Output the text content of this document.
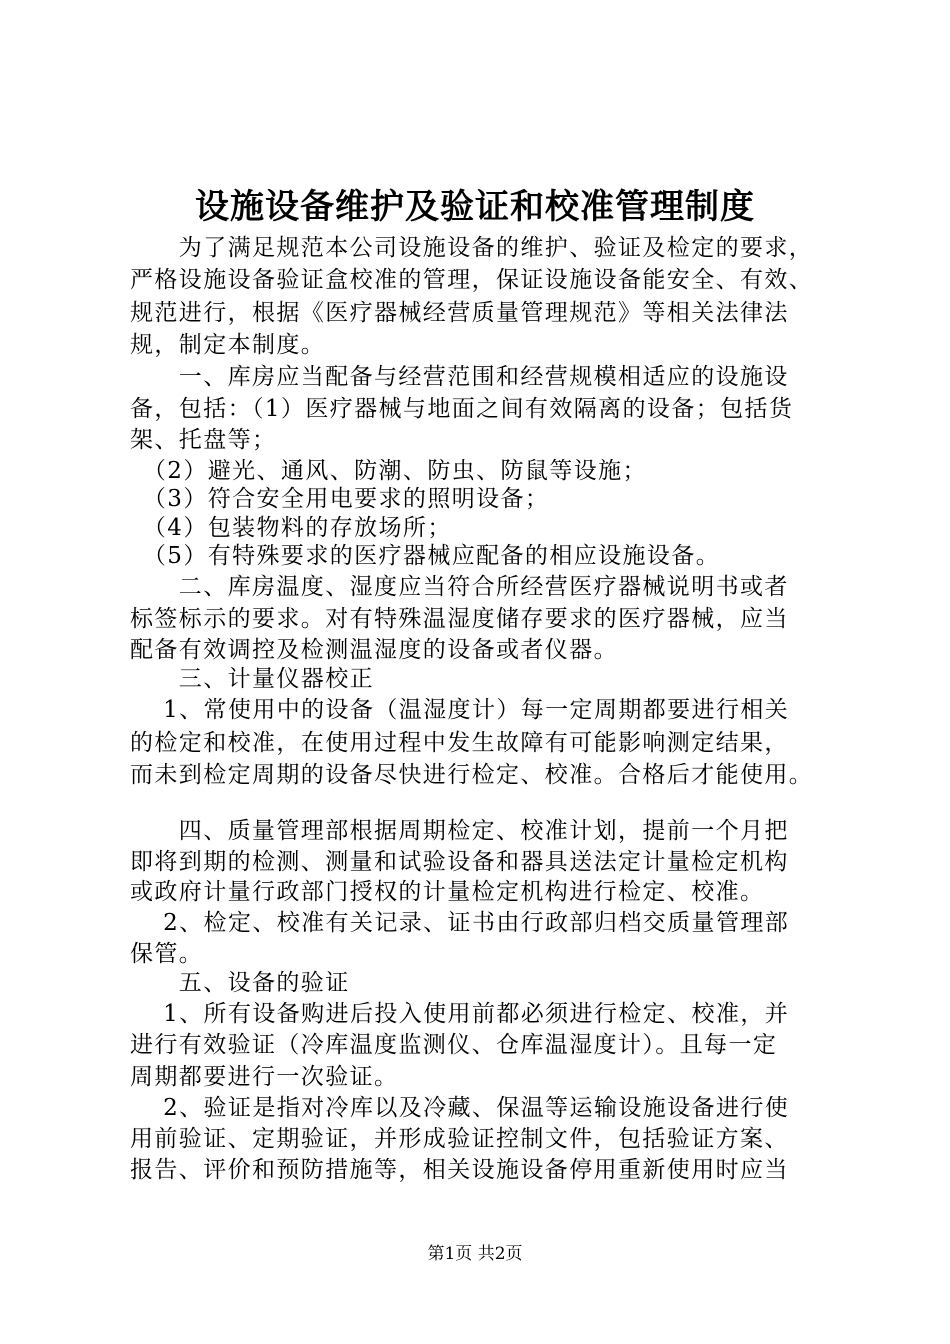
设施设备维护及验证和校准管理制度
　　为了满足规范本公司设施设备的维护、验证及检定的要求，
严格设施设备验证盒校准的管理，保证设施设备能安全、有效、
规范进行，根据《医疗器械经营质量管理规范》等相关法律法
规，制定本制度。
　　一、库房应当配备与经营范围和经营规模相适应的设施设
备，包括：（1）医疗器械与地面之间有效隔离的设备；包括货
架、托盘等；
　（2）避光、通风、防潮、防虫、防鼠等设施；
　（3）符合安全用电要求的照明设备；
　（4）包装物料的存放场所；
　（5）有特殊要求的医疗器械应配备的相应设施设备。
　　二、库房温度、湿度应当符合所经营医疗器械说明书或者
标签标示的要求。对有特殊温湿度储存要求的医疗器械，应当
配备有效调控及检测温湿度的设备或者仪器。
　　三、计量仪器校正
　 1、常使用中的设备（温湿度计）每一定周期都要进行相关
的检定和校准，在使用过程中发生故障有可能影响测定结果，
而未到检定周期的设备尽快进行检定、校准。合格后才能使用。
　　四、质量管理部根据周期检定、校准计划，提前一个月把
即将到期的检测、测量和试验设备和器具送法定计量检定机构
或政府计量行政部门授权的计量检定机构进行检定、校准。
　 2、检定、校准有关记录、证书由行政部归档交质量管理部
保管。
　　五、设备的验证
　 1、所有设备购进后投入使用前都必须进行检定、校准，并
进行有效验证（冷库温度监测仪、仓库温湿度计）。且每一定
周期都要进行一次验证。
　 2、验证是指对冷库以及冷藏、保温等运输设施设备进行使
用前验证、定期验证，并形成验证控制文件，包括验证方案、
报告、评价和预防措施等，相关设施设备停用重新使用时应当
第1页 共2页
